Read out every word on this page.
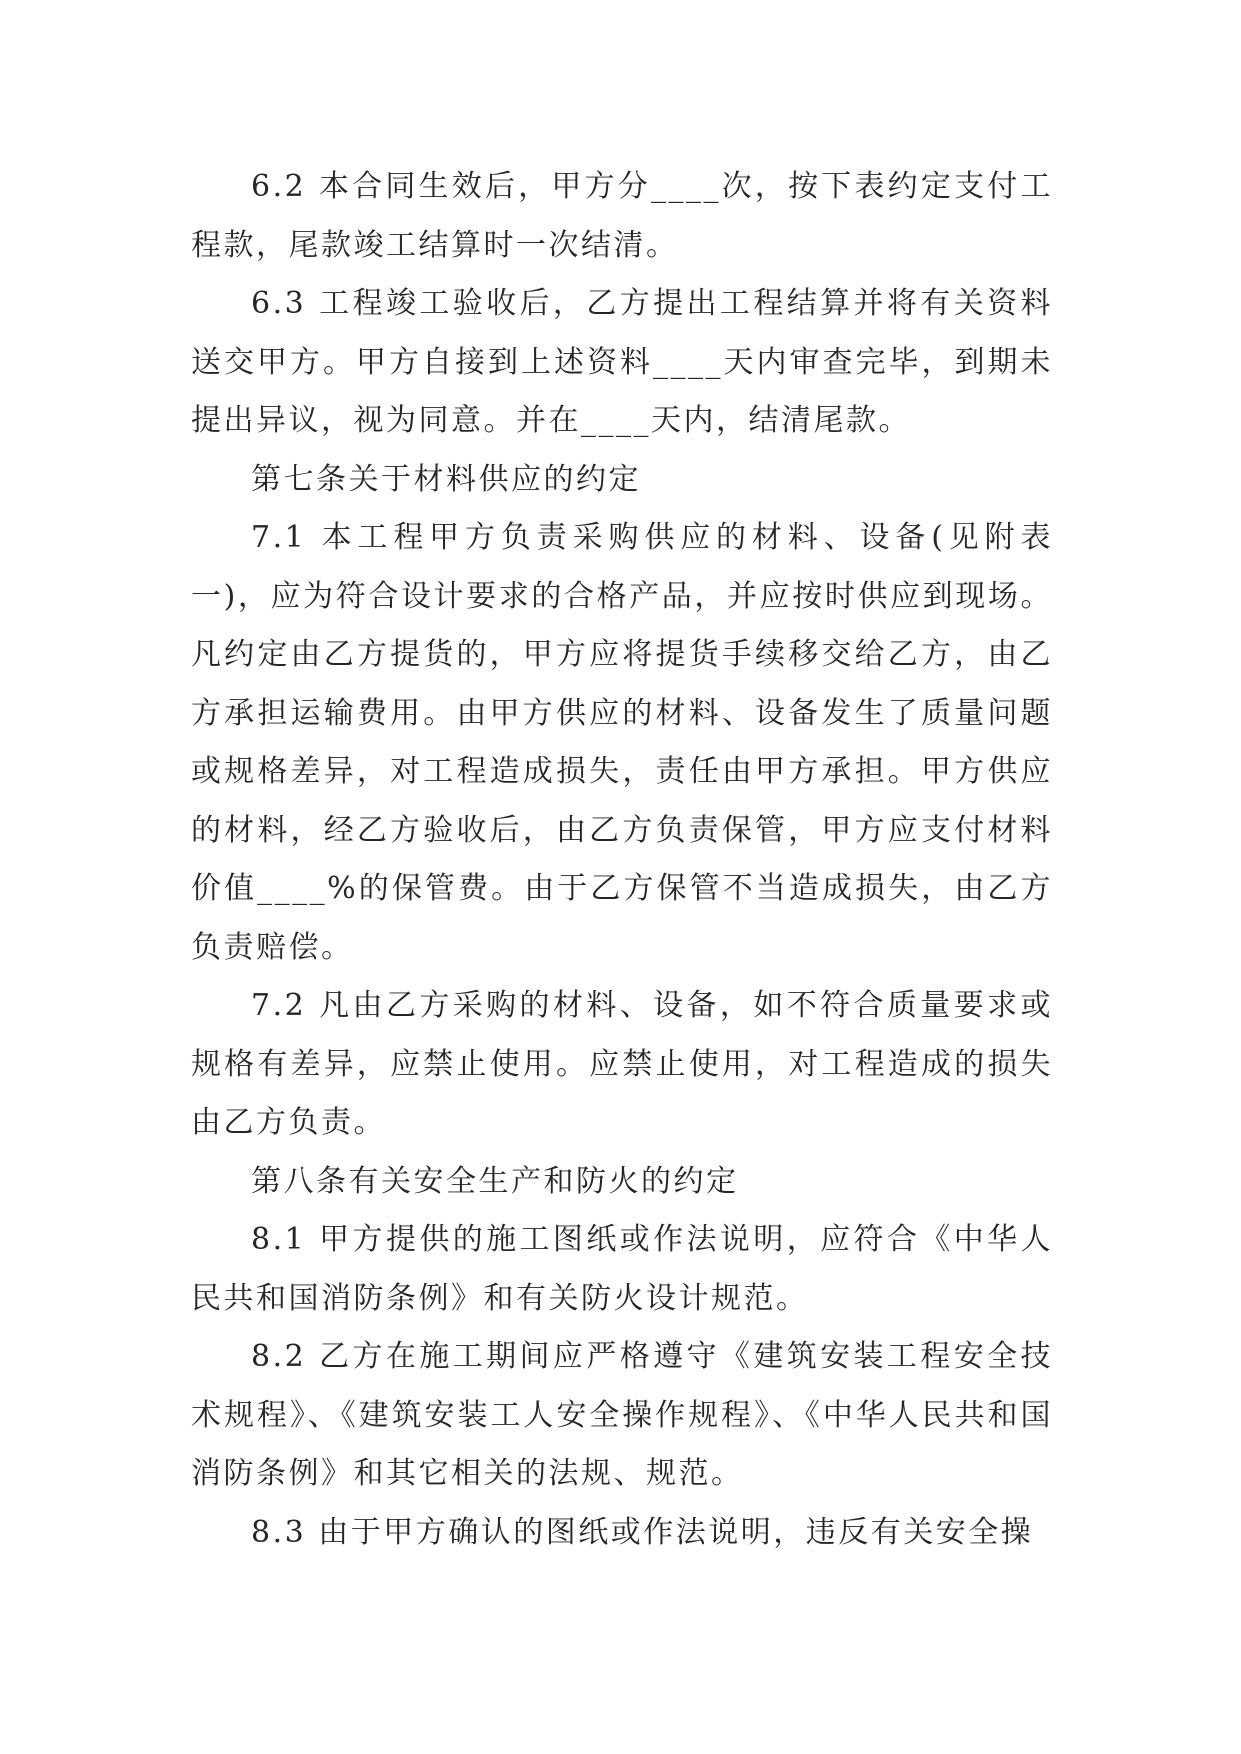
6.2 本合同生效后，甲方分____次，按下表约定支付工程款，尾款竣工结算时一次结清。

6.3 工程竣工验收后，乙方提出工程结算并将有关资料送交甲方。甲方自接到上述资料____天内审查完毕，到期未提出异议，视为同意。并在____天内，结清尾款。

第七条关于材料供应的约定

7.1 本工程甲方负责采购供应的材料、设备(见附表一)，应为符合设计要求的合格产品，并应按时供应到现场。凡约定由乙方提货的，甲方应将提货手续移交给乙方，由乙方承担运输费用。由甲方供应的材料、设备发生了质量问题或规格差异，对工程造成损失，责任由甲方承担。甲方供应的材料，经乙方验收后，由乙方负责保管，甲方应支付材料价值____%的保管费。由于乙方保管不当造成损失，由乙方负责赔偿。

7.2 凡由乙方采购的材料、设备，如不符合质量要求或规格有差异，应禁止使用。应禁止使用，对工程造成的损失由乙方负责。

第八条有关安全生产和防火的约定

8.1 甲方提供的施工图纸或作法说明，应符合《中华人民共和国消防条例》和有关防火设计规范。

8.2 乙方在施工期间应严格遵守《建筑安装工程安全技术规程》、《建筑安装工人安全操作规程》、《中华人民共和国消防条例》和其它相关的法规、规范。

8.3 由于甲方确认的图纸或作法说明，违反有关安全操
